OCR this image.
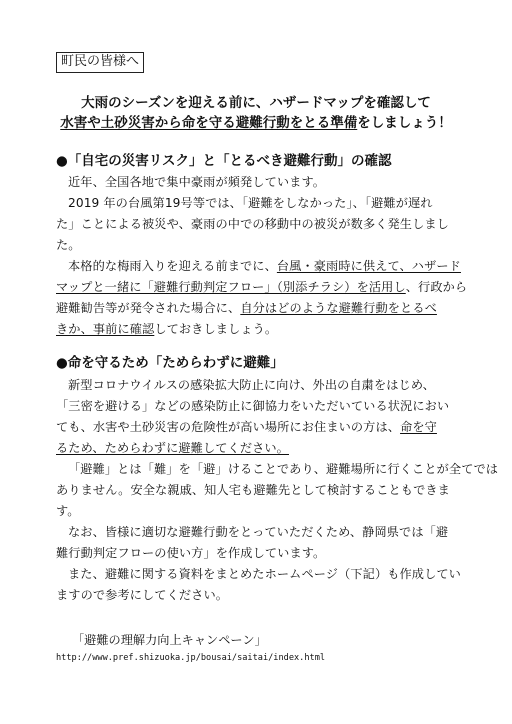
町民の皆様へ
大雨のシーズンを迎える前に、ハザードマップを確認して
水害や土砂災害から命を守る避難行動をとる準備をしましょう！
●「自宅の災害リスク」と「とるべき避難行動」の確認
近年、全国各地で集中豪雨が頻発しています。
2019 年の台風第19号等では、「避難をしなかった」、「避難が遅れ
た」ことによる被災や、豪雨の中での移動中の被災が数多く発生しまし
た。
本格的な梅雨入りを迎える前までに、台風・豪雨時に供えて、ハザード
マップと一緒に「避難行動判定フロー」（別添チラシ）を活用し、行政から
避難勧告等が発令された場合に、自分はどのような避難行動をとるべ
きか、事前に確認しておきしましょう。
●命を守るため「ためらわずに避難」
新型コロナウイルスの感染拡大防止に向け、外出の自粛をはじめ、
「三密を避ける」などの感染防止に御協力をいただいている状況におい
ても、水害や土砂災害の危険性が高い場所にお住まいの方は、命を守
るため、ためらわずに避難してください。
「避難」とは「難」を「避」けることであり、避難場所に行くことが全てでは
ありません。安全な親戚、知人宅も避難先として検討することもできま
す。
なお、皆様に適切な避難行動をとっていただくため、静岡県では「避
難行動判定フローの使い方」を作成しています。
また、避難に関する資料をまとめたホームページ（下記）も作成してい
ますので参考にしてください。
「避難の理解力向上キャンペーン」
http://www.pref.shizuoka.jp/bousai/saitai/index.html
